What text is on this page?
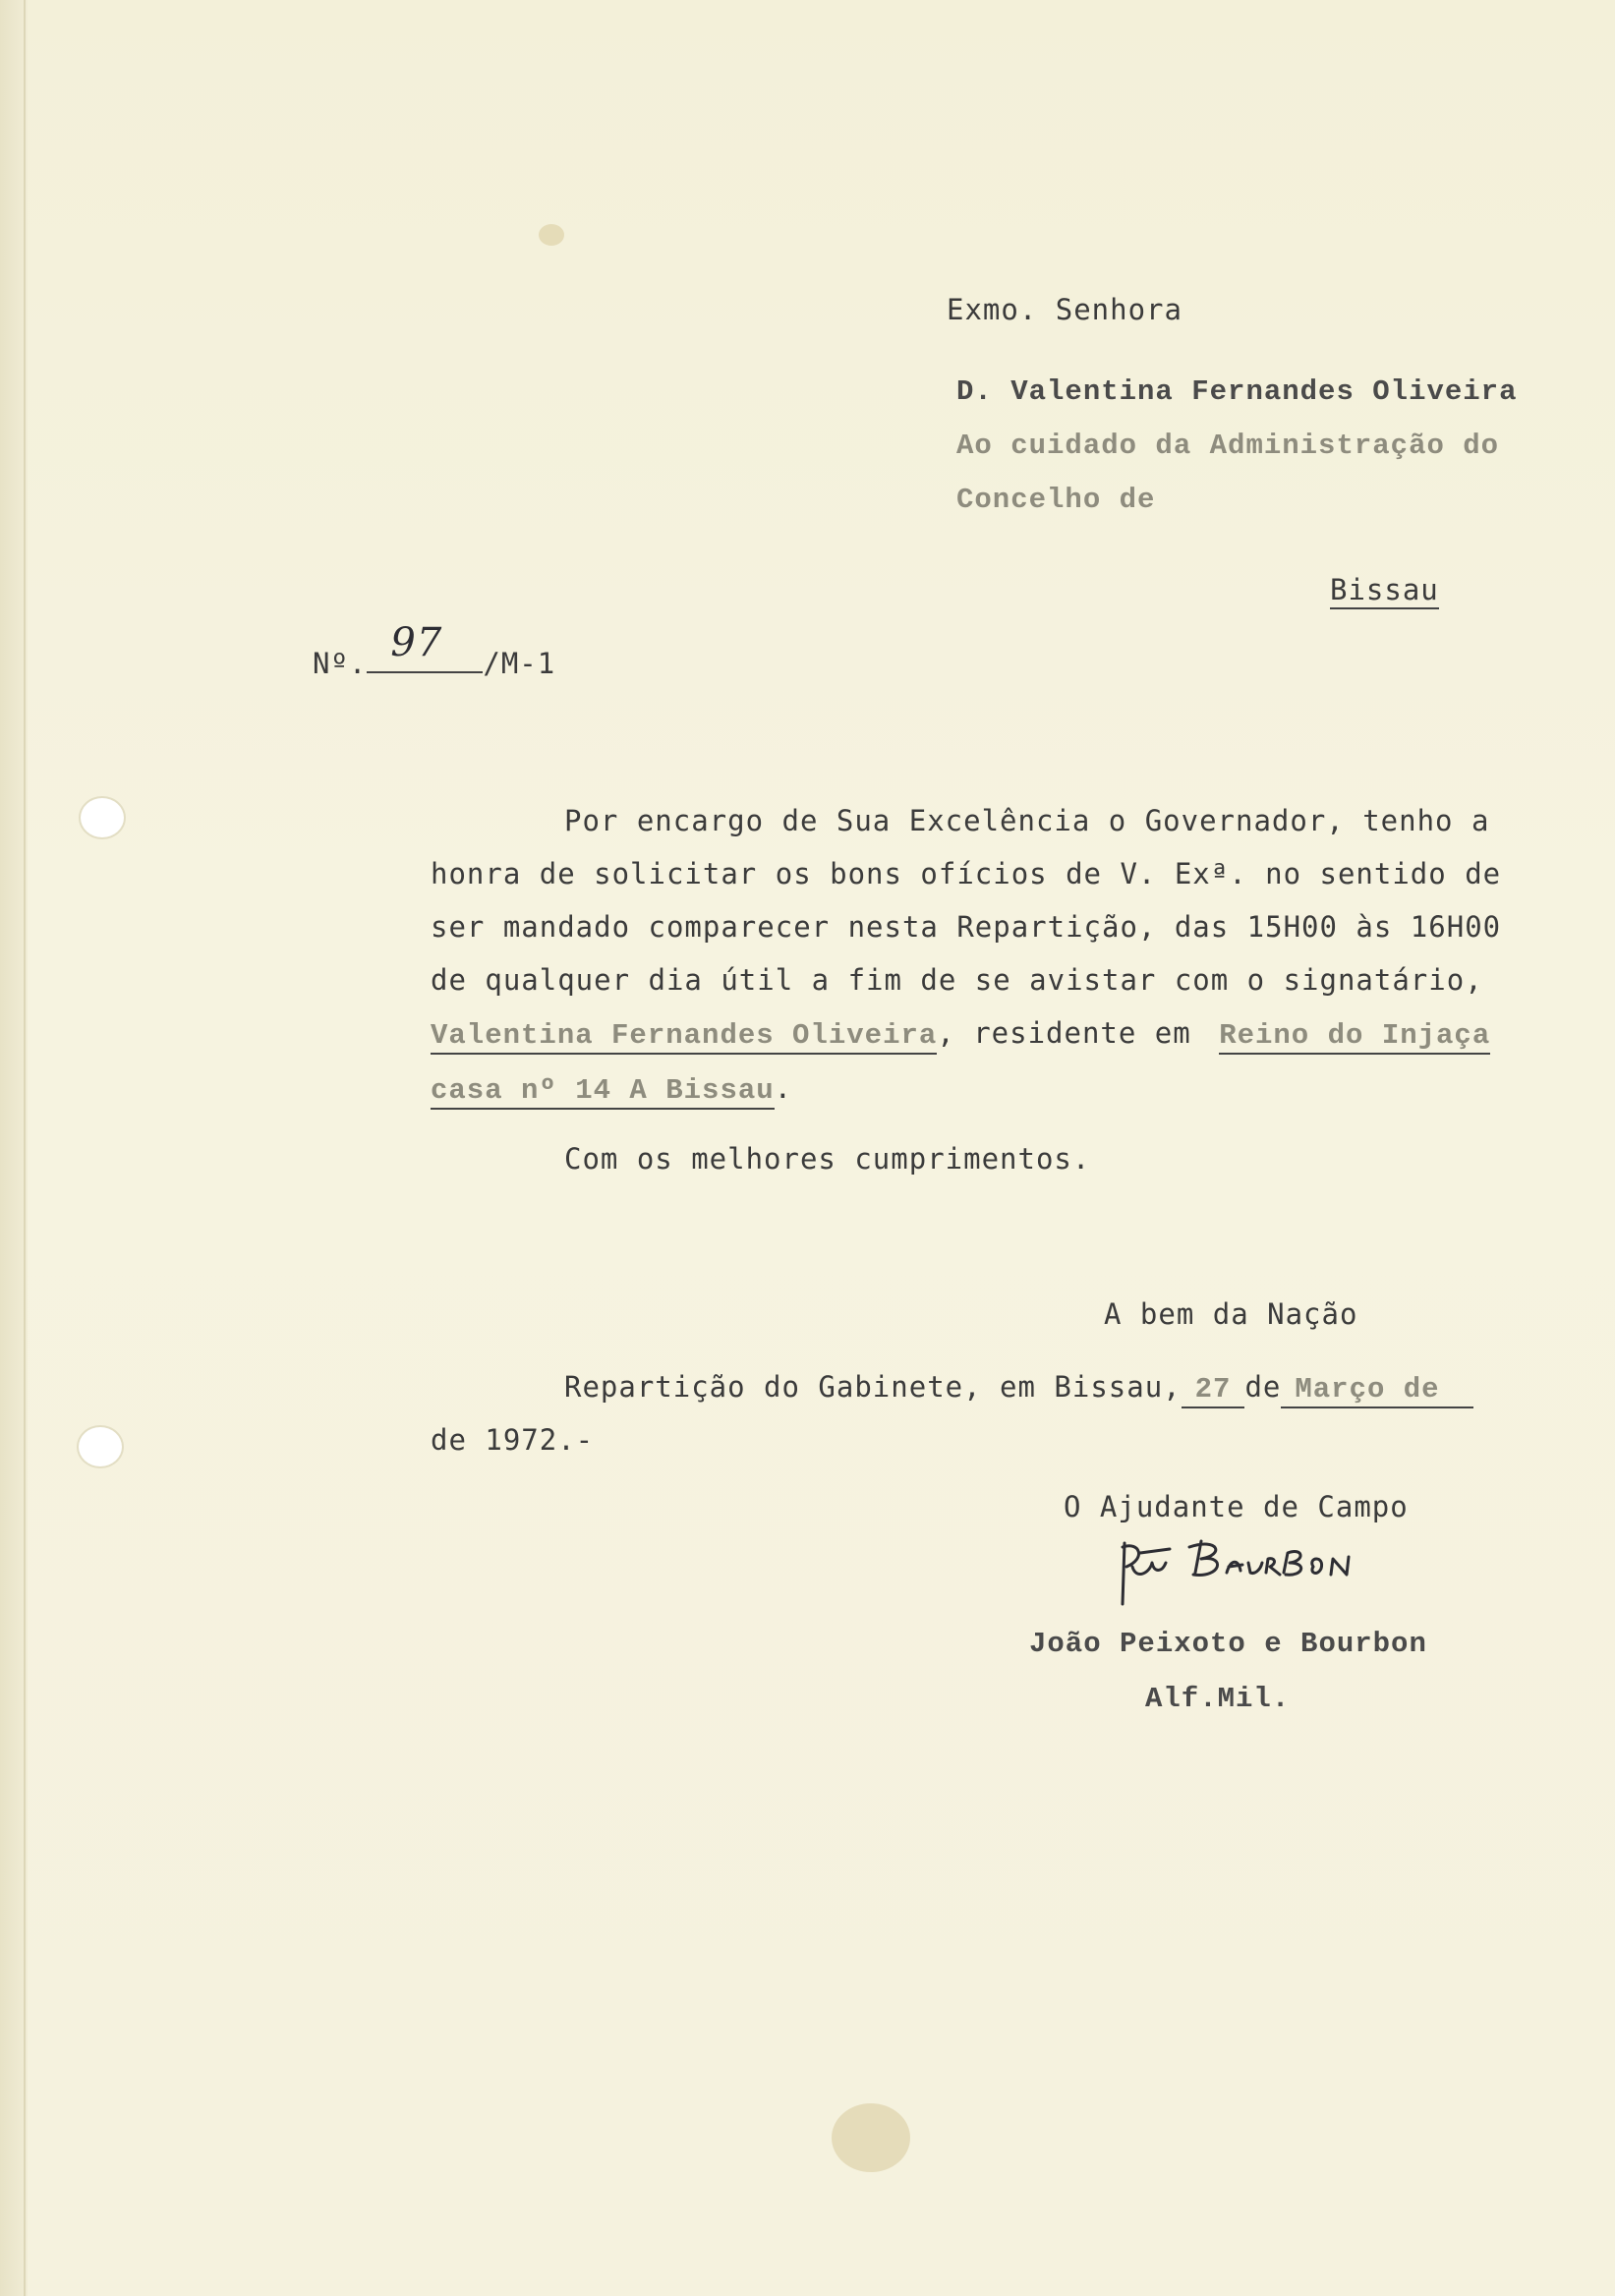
Exmo. Senhora
D. Valentina Fernandes Oliveira
Ao cuidado da Administração do
Concelho de
Bissau
Nº. 97 /M-1
Por encargo de Sua Excelência o Governador, tenho a
honra de solicitar os bons ofícios de V. Exª. no sentido de
ser mandado comparecer nesta Repartição, das 15H00 às 16H00
de qualquer dia útil a fim de se avistar com o signatário,
Valentina Fernandes Oliveira, residente em Reino do Injaça
casa nº 14 A Bissau.
Com os melhores cumprimentos.
A bem da Nação
Repartição do Gabinete, em Bissau, 27 de Março de
de 1972.-
O Ajudante de Campo
João Peixoto e Bourbon
Alf.Mil.
